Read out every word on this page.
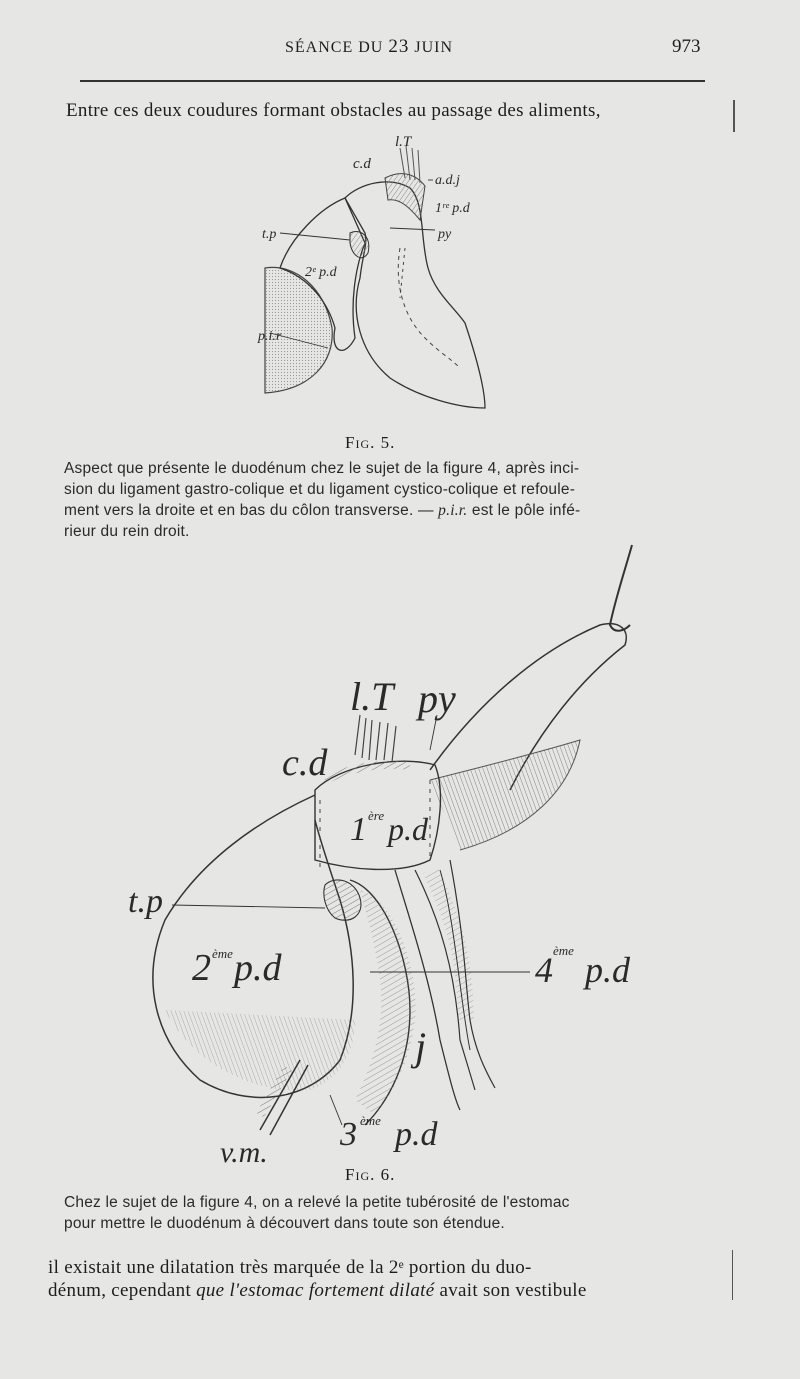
SÉANCE DU 23 JUIN	973
Entre ces deux coudures formant obstacles au passage des aliments,
l.T
c.d
a.d.j
1ʳᵉ p.d
py
t.p
2ᵉ p.d
p.i.r
Fig. 5.
Aspect que présente le duodénum chez le sujet de la figure 4, après inci-
sion du ligament gastro-colique et du ligament cystico-colique et refoule-
ment vers la droite et en bas du côlon transverse. — p.i.r. est le pôle infé-
rieur du rein droit.
l.T py
c.d
1 ère p.d
t.p
2 ème p.d	4 ème p.d
j
3 ème p.d
v.m.
Fig. 6.
Chez le sujet de la figure 4, on a relevé la petite tubérosité de l'estomac
pour mettre le duodénum à découvert dans toute son étendue.
il existait une dilatation très marquée de la 2ᵉ portion du duo-
dénum, cependant que l'estomac fortement dilaté avait son vestibule
